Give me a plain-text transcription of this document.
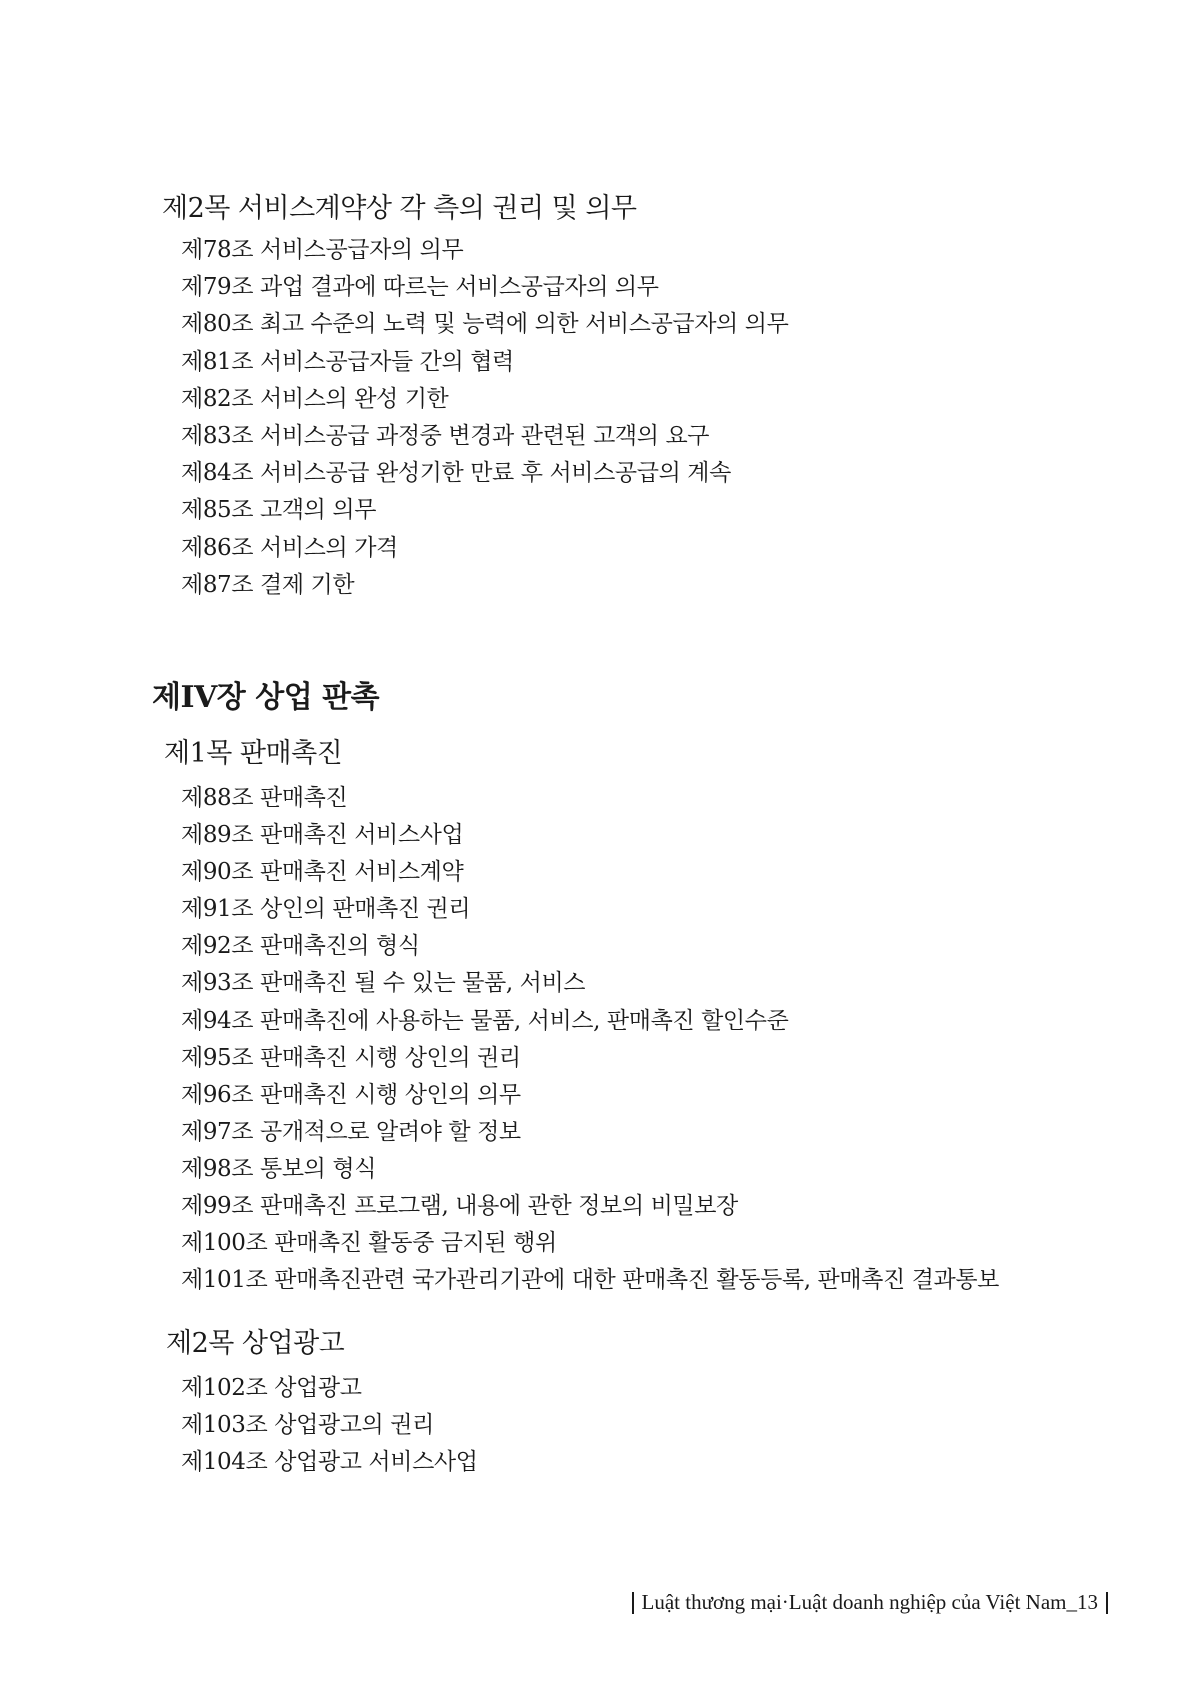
제2목 서비스계약상 각 측의 권리 및 의무
제78조 서비스공급자의 의무
제79조 과업 결과에 따르는 서비스공급자의 의무
제80조 최고 수준의 노력 및 능력에 의한 서비스공급자의 의무
제81조 서비스공급자들 간의 협력
제82조 서비스의 완성 기한
제83조 서비스공급 과정중 변경과 관련된 고객의 요구
제84조 서비스공급 완성기한 만료 후 서비스공급의 계속
제85조 고객의 의무
제86조 서비스의 가격
제87조 결제 기한
제IV장 상업 판촉
제1목 판매촉진
제88조 판매촉진
제89조 판매촉진 서비스사업
제90조 판매촉진 서비스계약
제91조 상인의 판매촉진 권리
제92조 판매촉진의 형식
제93조 판매촉진 될 수 있는 물품, 서비스
제94조 판매촉진에 사용하는 물품, 서비스, 판매촉진 할인수준
제95조 판매촉진 시행 상인의 권리
제96조 판매촉진 시행 상인의 의무
제97조 공개적으로 알려야 할 정보
제98조 통보의 형식
제99조 판매촉진 프로그램, 내용에 관한 정보의 비밀보장
제100조 판매촉진 활동중 금지된 행위
제101조 판매촉진관련 국가관리기관에 대한 판매촉진 활동등록, 판매촉진 결과통보
제2목 상업광고
제102조 상업광고
제103조 상업광고의 권리
제104조 상업광고 서비스사업
Luật thương mại·Luật doanh nghiệp của Việt Nam_13
